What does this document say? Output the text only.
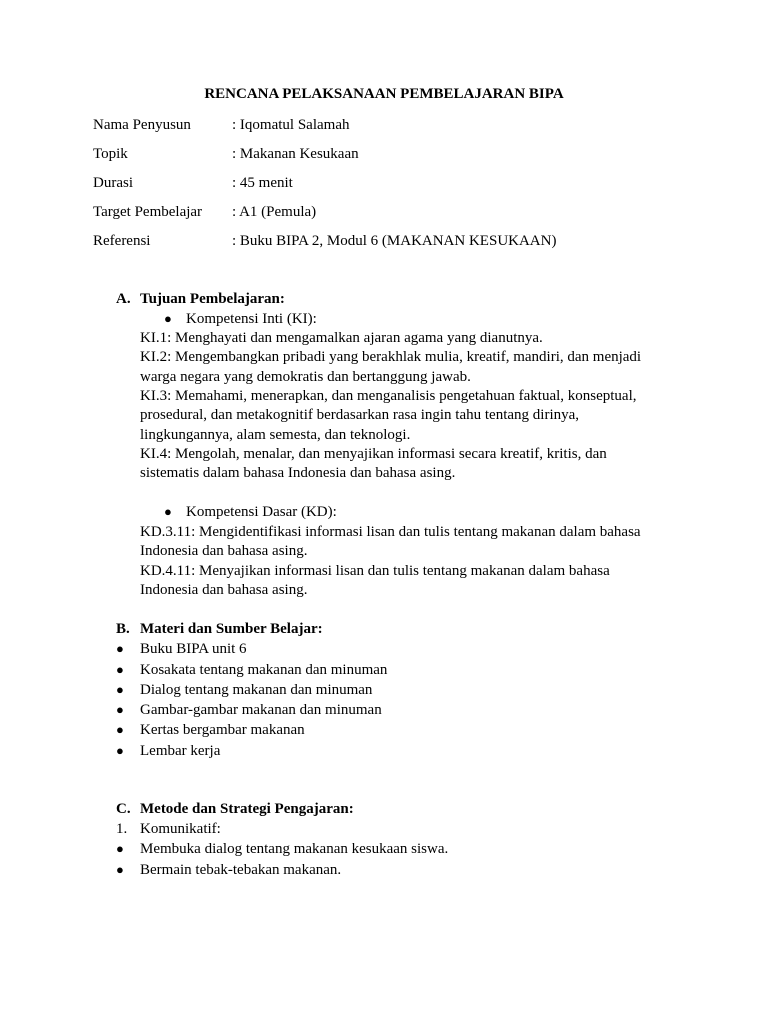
RENCANA PELAKSANAAN PEMBELAJARAN BIPA
Nama Penyusun	: Iqomatul Salamah
Topik	: Makanan Kesukaan
Durasi	: 45 menit
Target Pembelajar : A1 (Pemula)
Referensi	: Buku BIPA 2, Modul 6 (MAKANAN KESUKAAN)
A. Tujuan Pembelajaran:
● Kompetensi Inti (KI):
KI.1: Menghayati dan mengamalkan ajaran agama yang dianutnya.
KI.2: Mengembangkan pribadi yang berakhlak mulia, kreatif, mandiri, dan menjadi
warga negara yang demokratis dan bertanggung jawab.
KI.3: Memahami, menerapkan, dan menganalisis pengetahuan faktual, konseptual,
prosedural, dan metakognitif berdasarkan rasa ingin tahu tentang dirinya,
lingkungannya, alam semesta, dan teknologi.
KI.4: Mengolah, menalar, dan menyajikan informasi secara kreatif, kritis, dan
sistematis dalam bahasa Indonesia dan bahasa asing.
● Kompetensi Dasar (KD):
KD.3.11: Mengidentifikasi informasi lisan dan tulis tentang makanan dalam bahasa
Indonesia dan bahasa asing.
KD.4.11: Menyajikan informasi lisan dan tulis tentang makanan dalam bahasa
Indonesia dan bahasa asing.
B. Materi dan Sumber Belajar:
● Buku BIPA unit 6
● Kosakata tentang makanan dan minuman
● Dialog tentang makanan dan minuman
● Gambar-gambar makanan dan minuman
● Kertas bergambar makanan
● Lembar kerja
C. Metode dan Strategi Pengajaran:
1. Komunikatif:
● Membuka dialog tentang makanan kesukaan siswa.
● Bermain tebak-tebakan makanan.
